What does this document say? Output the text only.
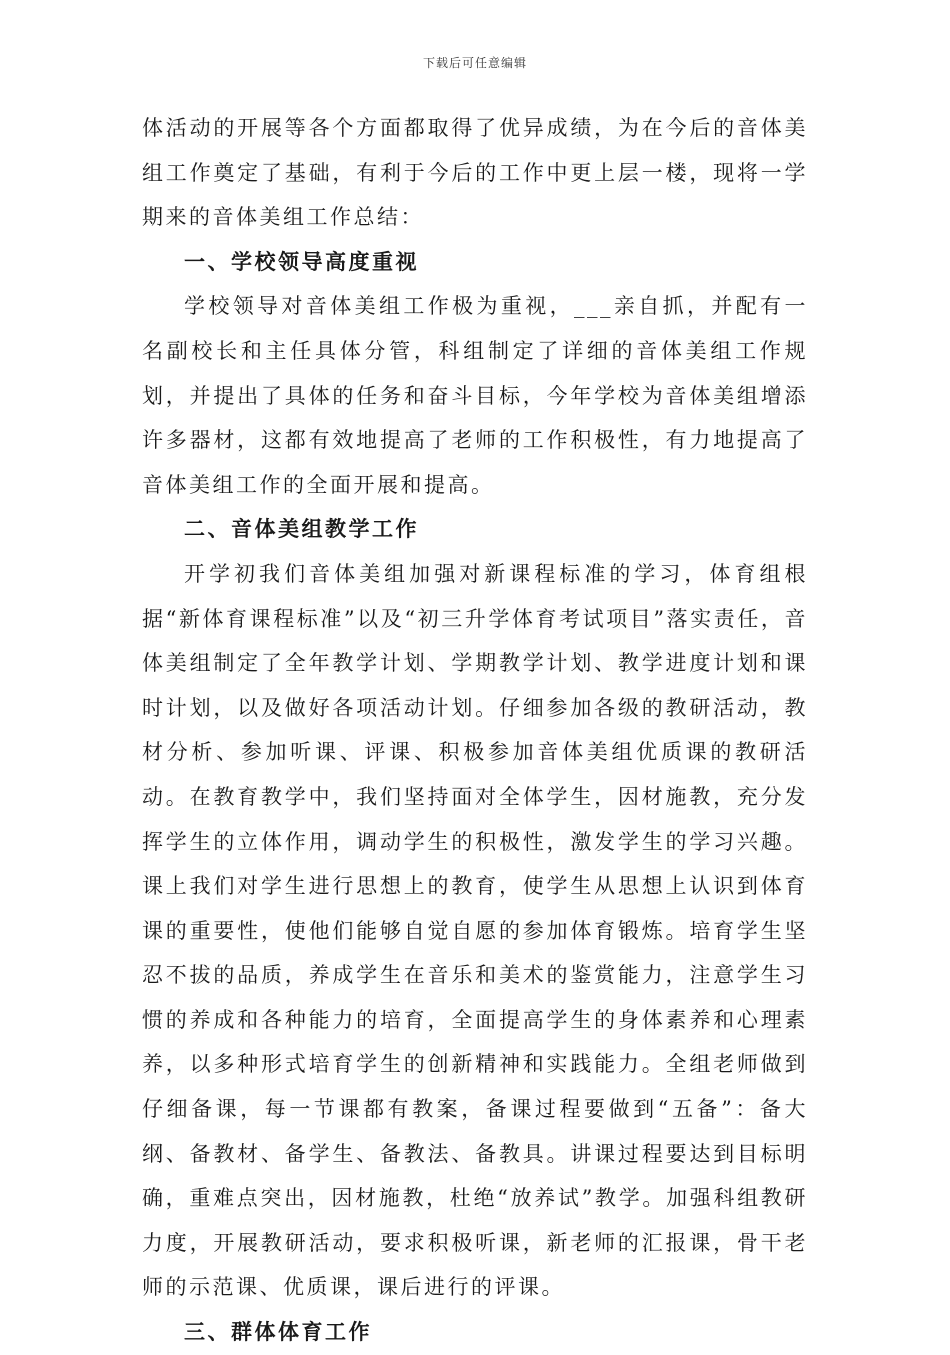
下载后可任意编辑

体活动的开展等各个方面都取得了优异成绩，为在今后的音体美组工作奠定了基础，有利于今后的工作中更上层一楼，现将一学期来的音体美组工作总结：

一、学校领导高度重视

学校领导对音体美组工作极为重视，___亲自抓，并配有一名副校长和主任具体分管，科组制定了详细的音体美组工作规划，并提出了具体的任务和奋斗目标，今年学校为音体美组增添许多器材，这都有效地提高了老师的工作积极性，有力地提高了音体美组工作的全面开展和提高。

二、音体美组教学工作

开学初我们音体美组加强对新课程标准的学习，体育组根据“新体育课程标准”以及“初三升学体育考试项目”落实责任，音体美组制定了全年教学计划、学期教学计划、教学进度计划和课时计划，以及做好各项活动计划。仔细参加各级的教研活动，教材分析、参加听课、评课、积极参加音体美组优质课的教研活动。在教育教学中，我们坚持面对全体学生，因材施教，充分发挥学生的立体作用，调动学生的积极性，激发学生的学习兴趣。课上我们对学生进行思想上的教育，使学生从思想上认识到体育课的重要性，使他们能够自觉自愿的参加体育锻炼。培育学生坚忍不拔的品质，养成学生在音乐和美术的鉴赏能力，注意学生习惯的养成和各种能力的培育，全面提高学生的身体素养和心理素养，以多种形式培育学生的创新精神和实践能力。全组老师做到仔细备课，每一节课都有教案，备课过程要做到“五备”：备大纲、备教材、备学生、备教法、备教具。讲课过程要达到目标明确，重难点突出，因材施教，杜绝“放养试”教学。加强科组教研力度，开展教研活动，要求积极听课，新老师的汇报课，骨干老师的示范课、优质课，课后进行的评课。

三、群体体育工作
